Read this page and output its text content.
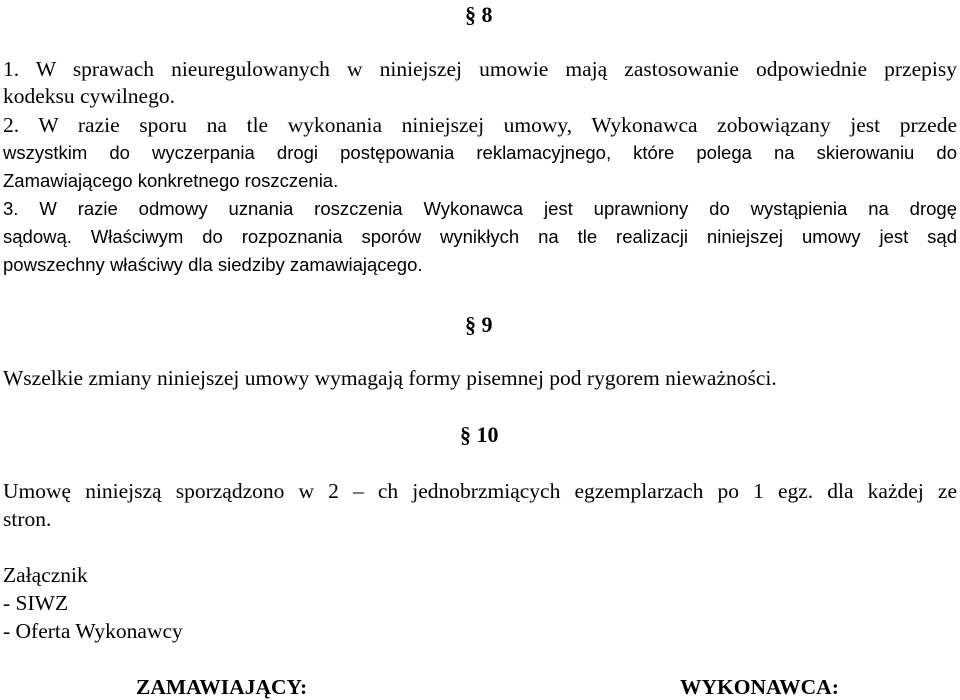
§ 8
1. W sprawach nieuregulowanych w niniejszej umowie mają zastosowanie odpowiednie przepisy
kodeksu cywilnego.
2. W razie sporu na tle wykonania niniejszej umowy, Wykonawca zobowiązany jest przede
wszystkim do wyczerpania drogi postępowania reklamacyjnego, które polega na skierowaniu do
Zamawiającego konkretnego roszczenia.
3. W razie odmowy uznania roszczenia Wykonawca jest uprawniony do wystąpienia na drogę
sądową. Właściwym do rozpoznania sporów wynikłych na tle realizacji niniejszej umowy jest sąd
powszechny właściwy dla siedziby zamawiającego.
§ 9
Wszelkie zmiany niniejszej umowy wymagają formy pisemnej pod rygorem nieważności.
§ 10
Umowę niniejszą sporządzono w 2 – ch jednobrzmiących egzemplarzach po 1 egz. dla każdej ze
stron.
Załącznik
- SIWZ
- Oferta Wykonawcy
ZAMAWIAJĄCY:	WYKONAWCA:
